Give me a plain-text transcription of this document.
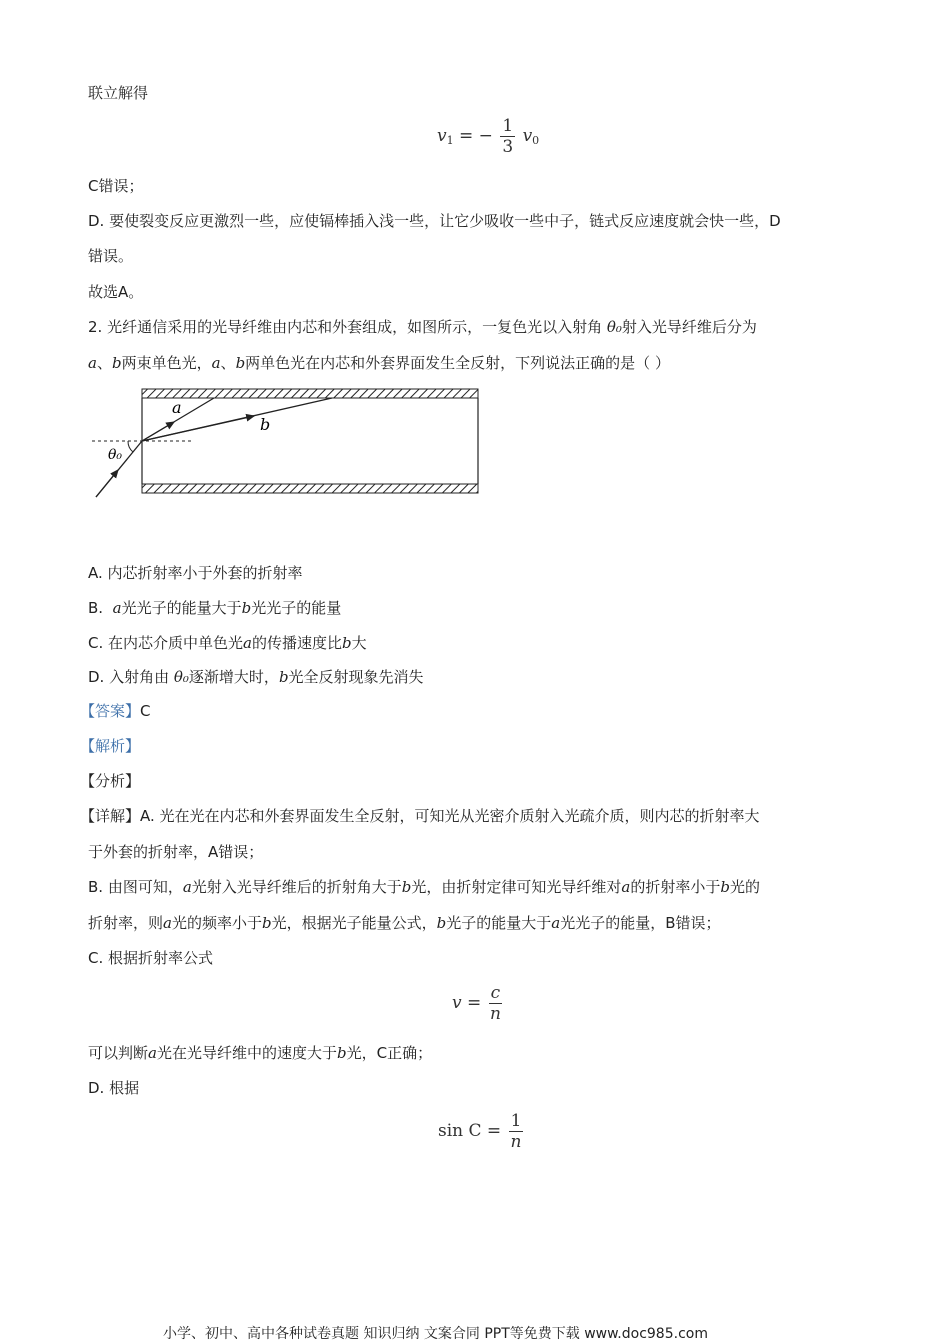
联立解得
$v_1$ = − $\frac{1}{3} v_0$
C错误；
D. 要使裂变反应更激烈一些，应使镉棒插入浅一些，让它少吸收一些中子，链式反应速度就会快一些，D
错误。
故选A。
2. 光纤通信采用的光导纤维由内芯和外套组成，如图所示，一复色光以入射角 θ₀射入光导纤维后分为
a、b两束单色光，a、b两单色光在内芯和外套界面发生全反射，下列说法正确的是（ ）
a
b
θ₀
A. 内芯折射率小于外套的折射率
B. a光光子的能量大于b光光子的能量
C. 在内芯介质中单色光a的传播速度比b大
D. 入射角由 θ₀逐渐增大时，b光全反射现象先消失
【答案】C
【解析】
【分析】
【详解】A. 光在光在内芯和外套界面发生全反射，可知光从光密介质射入光疏介质，则内芯的折射率大
于外套的折射率，A错误；
B. 由图可知，a光射入光导纤维后的折射角大于b光，由折射定律可知光导纤维对a的折射率小于b光的
折射率，则a光的频率小于b光，根据光子能量公式，b光子的能量大于a光光子的能量，B错误；
C. 根据折射率公式
$v = \frac{c}{n}$
可以判断a光在光导纤维中的速度大于b光，C正确；
D. 根据
$\sin C = \frac{1}{n}$
小学、初中、高中各种试卷真题 知识归纳 文案合同 PPT等免费下载 www.doc985.com
